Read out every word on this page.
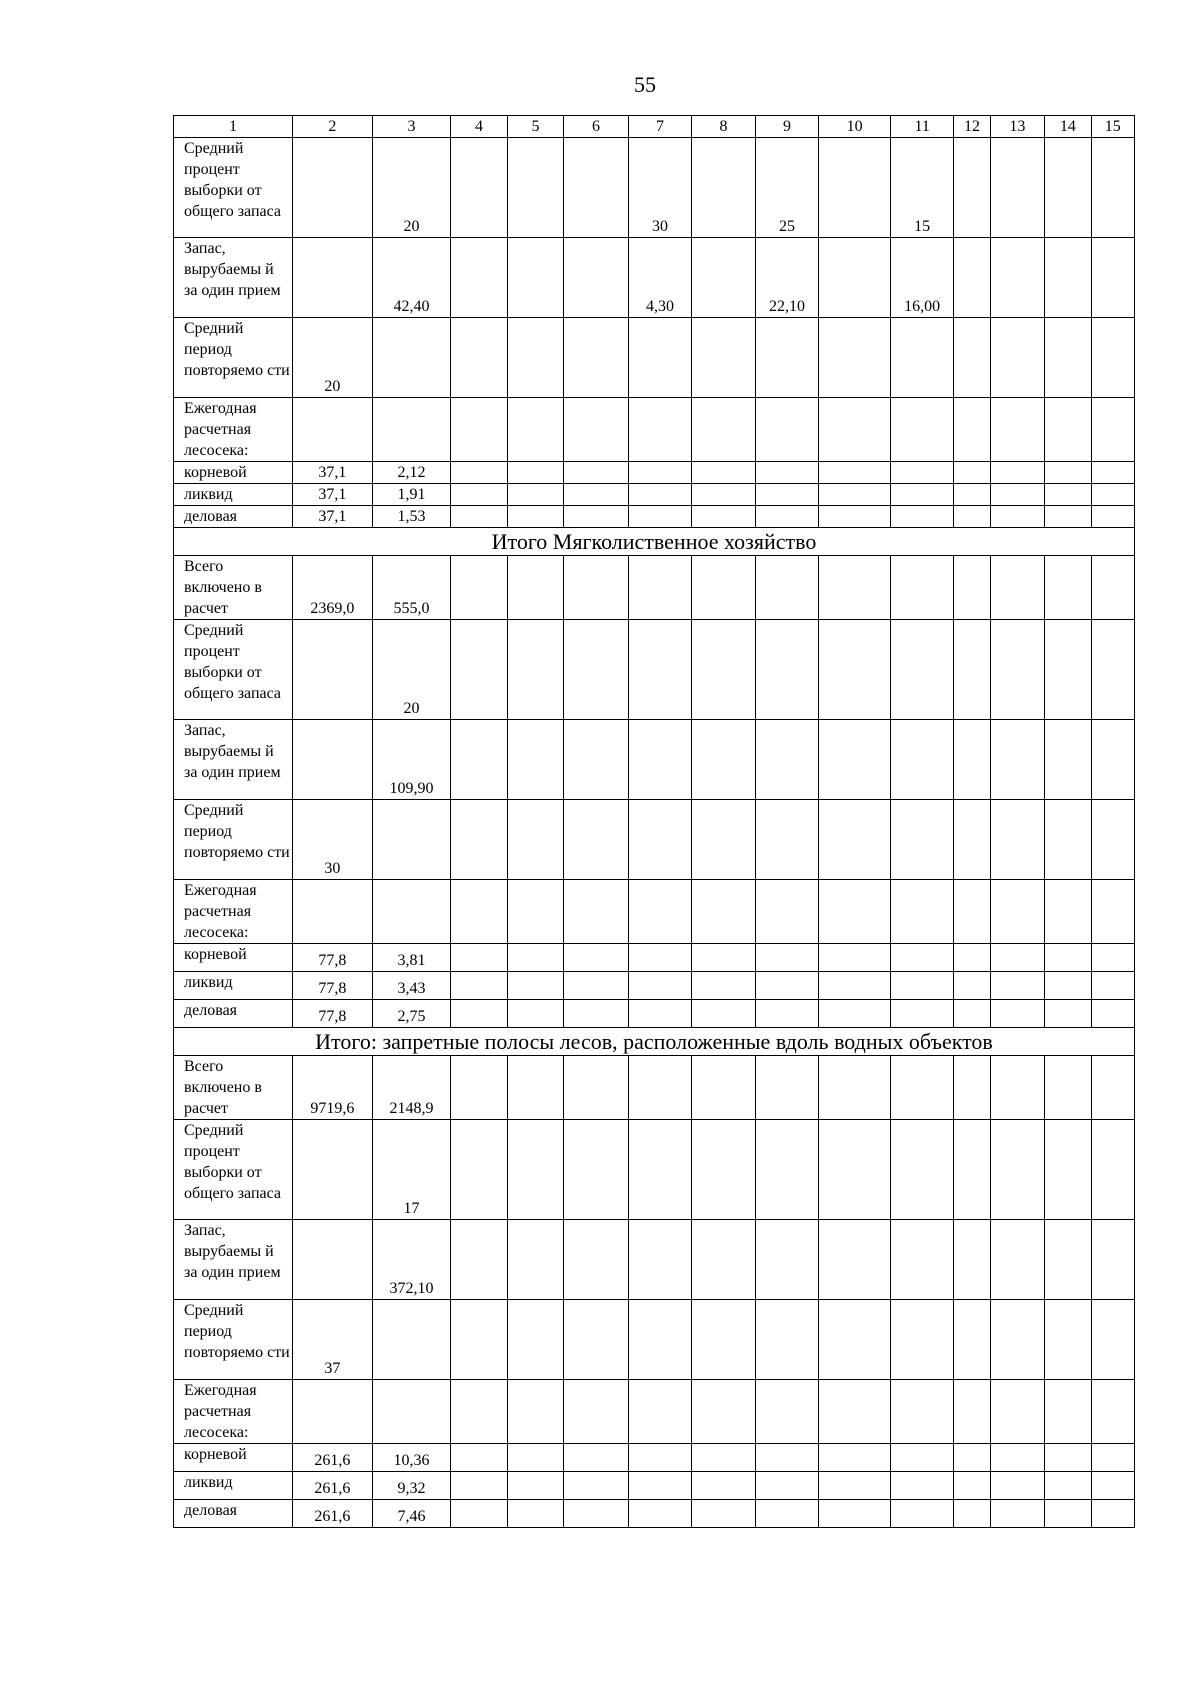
55
1	2	3	4	5	6	7	8	9	10	11	12	13	14	15
Средний процент выборки от общего запаса		20				30		25		15				
Запас, вырубаемы й за один прием		42,40				4,30		22,10		16,00				
Средний период повторяемо сти	20													
Ежегодная расчетная лесосека:														
корневой	37,1	2,12												
ликвид	37,1	1,91												
деловая	37,1	1,53												
Итого Мягколиственное хозяйство														
Всего включено в расчет	2369,0	555,0												
Средний процент выборки от общего запаса		20												
Запас, вырубаемы й за один прием		109,90												
Средний период повторяемо сти	30													
Ежегодная расчетная лесосека:														
корневой	77,8	3,81												
ликвид	77,8	3,43												
деловая	77,8	2,75												
Итого: запретные полосы лесов, расположенные вдоль водных объектов														
Всего включено в расчет	9719,6	2148,9												
Средний процент выборки от общего запаса		17												
Запас, вырубаемы й за один прием		372,10												
Средний период повторяемо сти	37													
Ежегодная расчетная лесосека:														
корневой	261,6	10,36												
ликвид	261,6	9,32												
деловая	261,6	7,46												
